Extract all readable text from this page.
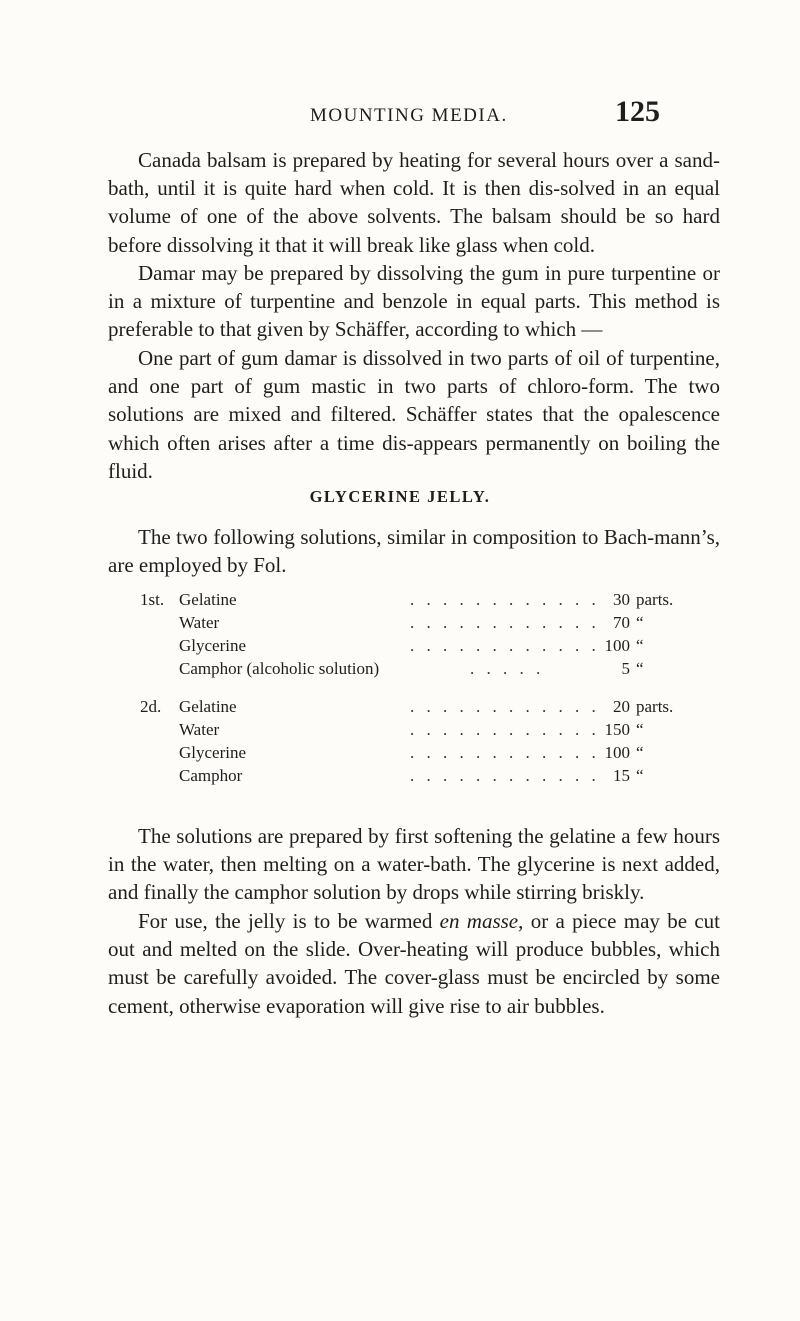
MOUNTING MEDIA.	125

Canada balsam is prepared by heating for several hours over a sand-bath, until it is quite hard when cold. It is then dis-solved in an equal volume of one of the above solvents. The balsam should be so hard before dissolving it that it will break like glass when cold.

Damar may be prepared by dissolving the gum in pure turpentine or in a mixture of turpentine and benzole in equal parts. This method is preferable to that given by Schäffer, according to which —

One part of gum damar is dissolved in two parts of oil of turpentine, and one part of gum mastic in two parts of chloro-form. The two solutions are mixed and filtered. Schäffer states that the opalescence which often arises after a time dis-appears permanently on boiling the fluid.

GLYCERINE JELLY.

The two following solutions, similar in composition to Bach-mann’s, are employed by Fol.

1st. Gelatine	. . . . . . . . . . . . 30 parts.
Water	. . . . . . . . . . . . 70 “
Glycerine	. . . . . . . . . . . . 100 “
Camphor (alcoholic solution)	. . . . .	5 “
2d. Gelatine	. . . . . . . . . . . . 20 parts.
Water	. . . . . . . . . . . . 150 “
Glycerine	. . . . . . . . . . . . 100 “
Camphor	. . . . . . . . . . . . 15 “

The solutions are prepared by first softening the gelatine a few hours in the water, then melting on a water-bath. The glycerine is next added, and finally the camphor solution by drops while stirring briskly.

For use, the jelly is to be warmed en masse, or a piece may be cut out and melted on the slide. Over-heating will produce bubbles, which must be carefully avoided. The cover-glass must be encircled by some cement, otherwise evaporation will give rise to air bubbles.
